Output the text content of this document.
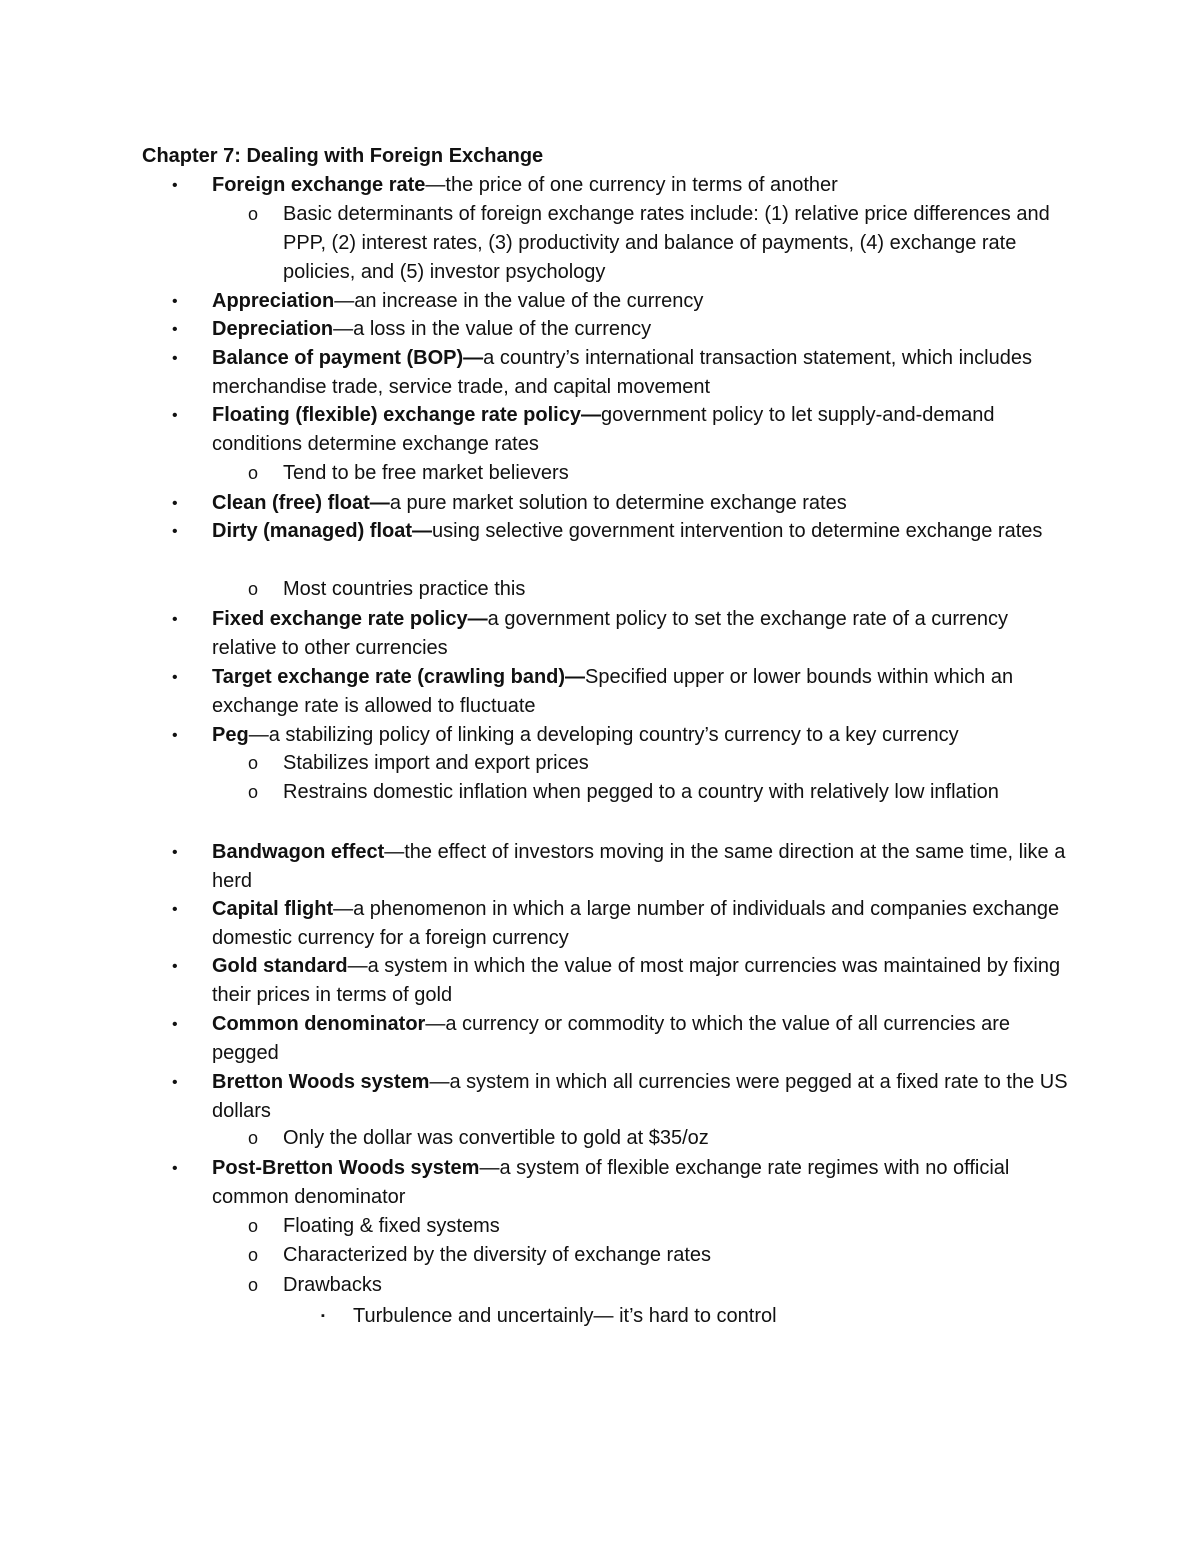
Chapter 7: Dealing with Foreign Exchange
• Foreign exchange rate—the price of one currency in terms of another
o Basic determinants of foreign exchange rates include: (1) relative price differences and PPP, (2) interest rates, (3) productivity and balance of payments, (4) exchange rate policies, and (5) investor psychology
• Appreciation—an increase in the value of the currency
• Depreciation—a loss in the value of the currency
• Balance of payment (BOP)—a country’s international transaction statement, which includes merchandise trade, service trade, and capital movement
• Floating (flexible) exchange rate policy—government policy to let supply-and-demand conditions determine exchange rates
o Tend to be free market believers
• Clean (free) float—a pure market solution to determine exchange rates
• Dirty (managed) float—using selective government intervention to determine exchange rates
o Most countries practice this
• Fixed exchange rate policy—a government policy to set the exchange rate of a currency relative to other currencies
• Target exchange rate (crawling band)—Specified upper or lower bounds within which an exchange rate is allowed to fluctuate
• Peg—a stabilizing policy of linking a developing country’s currency to a key currency
o Stabilizes import and export prices
o Restrains domestic inflation when pegged to a country with relatively low inflation
• Bandwagon effect—the effect of investors moving in the same direction at the same time, like a herd
• Capital flight—a phenomenon in which a large number of individuals and companies exchange domestic currency for a foreign currency
• Gold standard—a system in which the value of most major currencies was maintained by fixing their prices in terms of gold
• Common denominator—a currency or commodity to which the value of all currencies are pegged
• Bretton Woods system—a system in which all currencies were pegged at a fixed rate to the US dollars
o Only the dollar was convertible to gold at $35/oz
• Post-Bretton Woods system—a system of flexible exchange rate regimes with no official common denominator
o Floating & fixed systems
o Characterized by the diversity of exchange rates
o Drawbacks
▪ Turbulence and uncertainly— it’s hard to control
